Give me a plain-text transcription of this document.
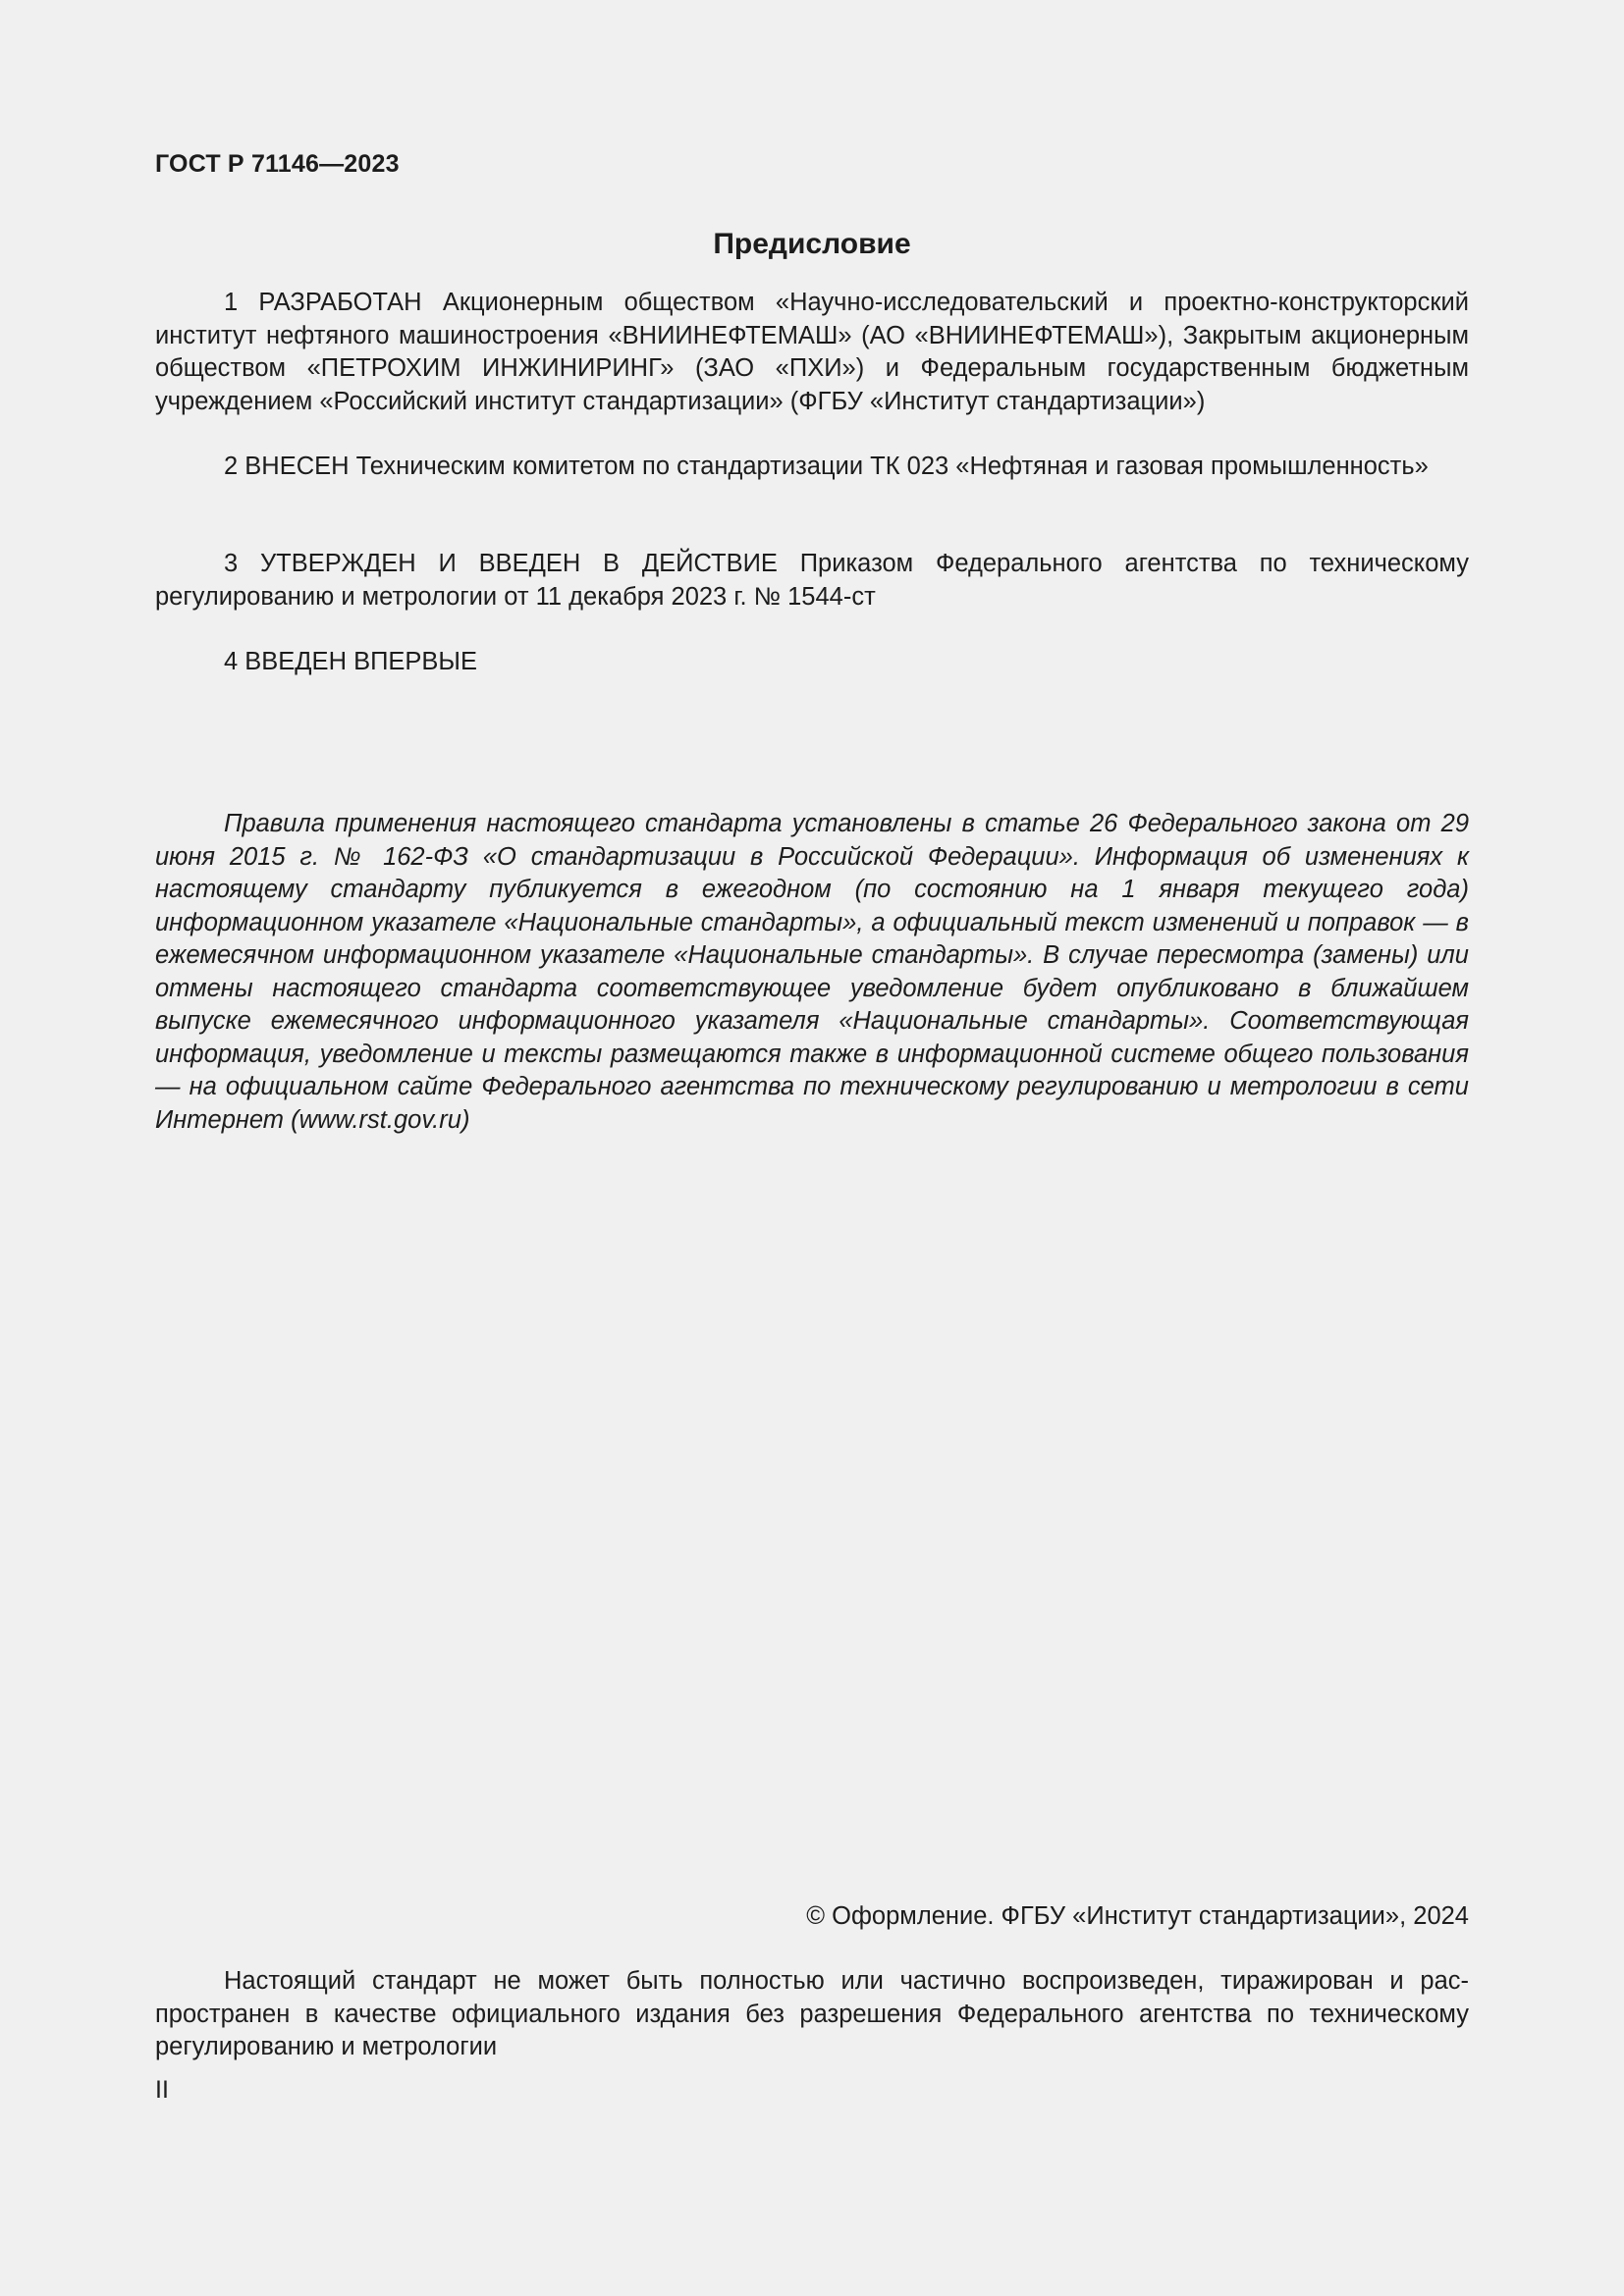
ГОСТ Р 71146—2023
Предисловие

1 РАЗРАБОТАН Акционерным обществом «Научно-исследовательский и проектно-конструкторский институт нефтяного машиностроения «ВНИИНЕФТЕМАШ» (АО «ВНИИНЕФТЕМАШ»), Закрытым акционерным обществом «ПЕТРОХИМ ИНЖИНИРИНГ» (ЗАО «ПХИ») и Федеральным государственным бюджетным учреждением «Российский институт стандартизации» (ФГБУ «Институт стандартизации»)

2 ВНЕСЕН Техническим комитетом по стандартизации ТК 023 «Нефтяная и газовая промышленность»

3 УТВЕРЖДЕН И ВВЕДЕН В ДЕЙСТВИЕ Приказом Федерального агентства по техническому регулированию и метрологии от 11 декабря 2023 г. № 1544-ст

4 ВВЕДЕН ВПЕРВЫЕ

Правила применения настоящего стандарта установлены в статье 26 Федерального закона от 29 июня 2015 г. № 162-ФЗ «О стандартизации в Российской Федерации». Информация об изменениях к настоящему стандарту публикуется в ежегодном (по состоянию на 1 января текущего года) информационном указателе «Национальные стандарты», а официальный текст изменений и поправок — в ежемесячном информационном указателе «Национальные стандарты». В случае пересмотра (замены) или отмены настоящего стандарта соответствующее уведомление будет опубликовано в ближайшем выпуске ежемесячного информационного указателя «Национальные стандарты». Соответствующая информация, уведомление и тексты размещаются также в информационной системе общего пользования — на официальном сайте Федерального агентства по техническому регулированию и метрологии в сети Интернет (www.rst.gov.ru)

© Оформление. ФГБУ «Институт стандартизации», 2024

Настоящий стандарт не может быть полностью или частично воспроизведен, тиражирован и распространен в качестве официального издания без разрешения Федерального агентства по техническому регулированию и метрологии

II
